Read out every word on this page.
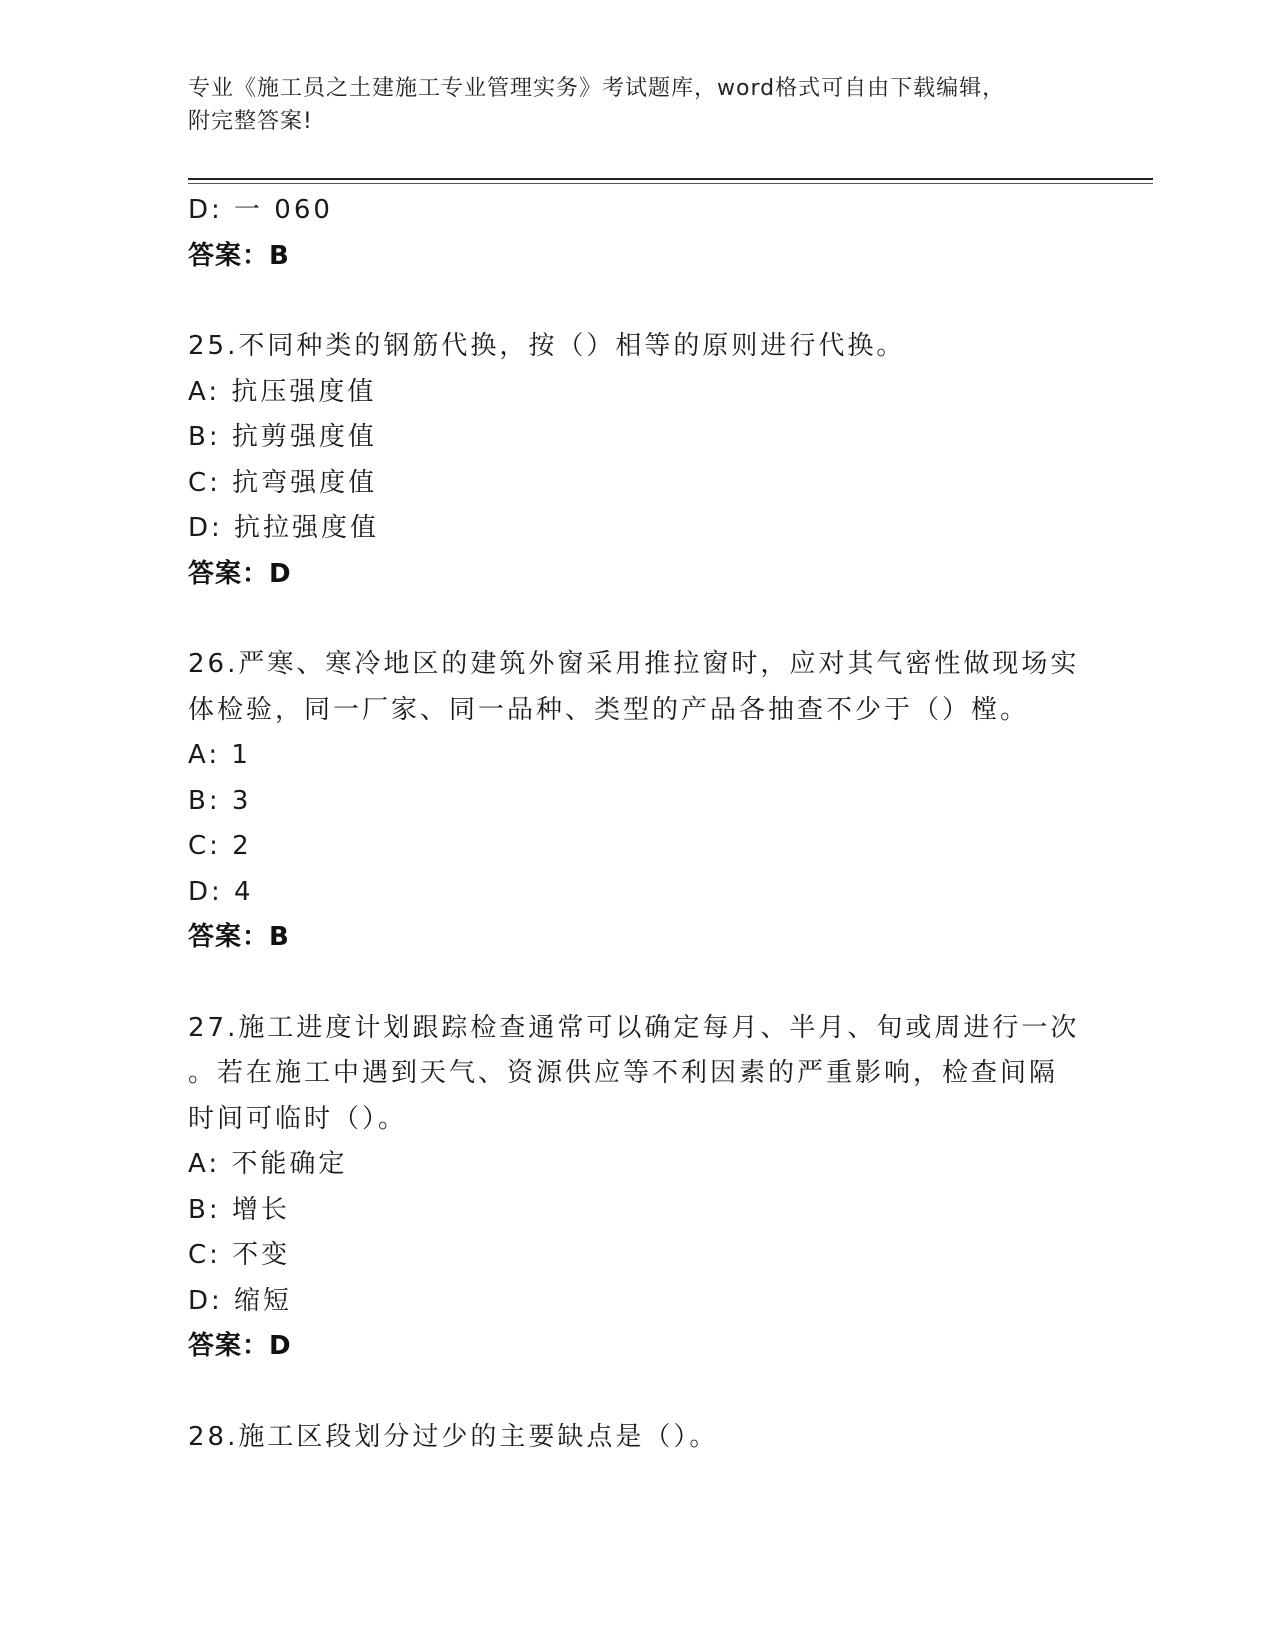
专业《施工员之土建施工专业管理实务》考试题库，word格式可自由下载编辑，
附完整答案!
D: 一 060
答案：B
25.不同种类的钢筋代换，按（）相等的原则进行代换。
A: 抗压强度值
B: 抗剪强度值
C: 抗弯强度值
D: 抗拉强度值
答案：D
26.严寒、寒冷地区的建筑外窗采用推拉窗时，应对其气密性做现场实
体检验，同一厂家、同一品种、类型的产品各抽查不少于（）樘。
A: 1
B: 3
C: 2
D: 4
答案：B
27.施工进度计划跟踪检查通常可以确定每月、半月、旬或周进行一次
。若在施工中遇到天气、资源供应等不利因素的严重影响，检查间隔
时间可临时（）。
A: 不能确定
B: 增长
C: 不变
D: 缩短
答案：D
28.施工区段划分过少的主要缺点是（）。
